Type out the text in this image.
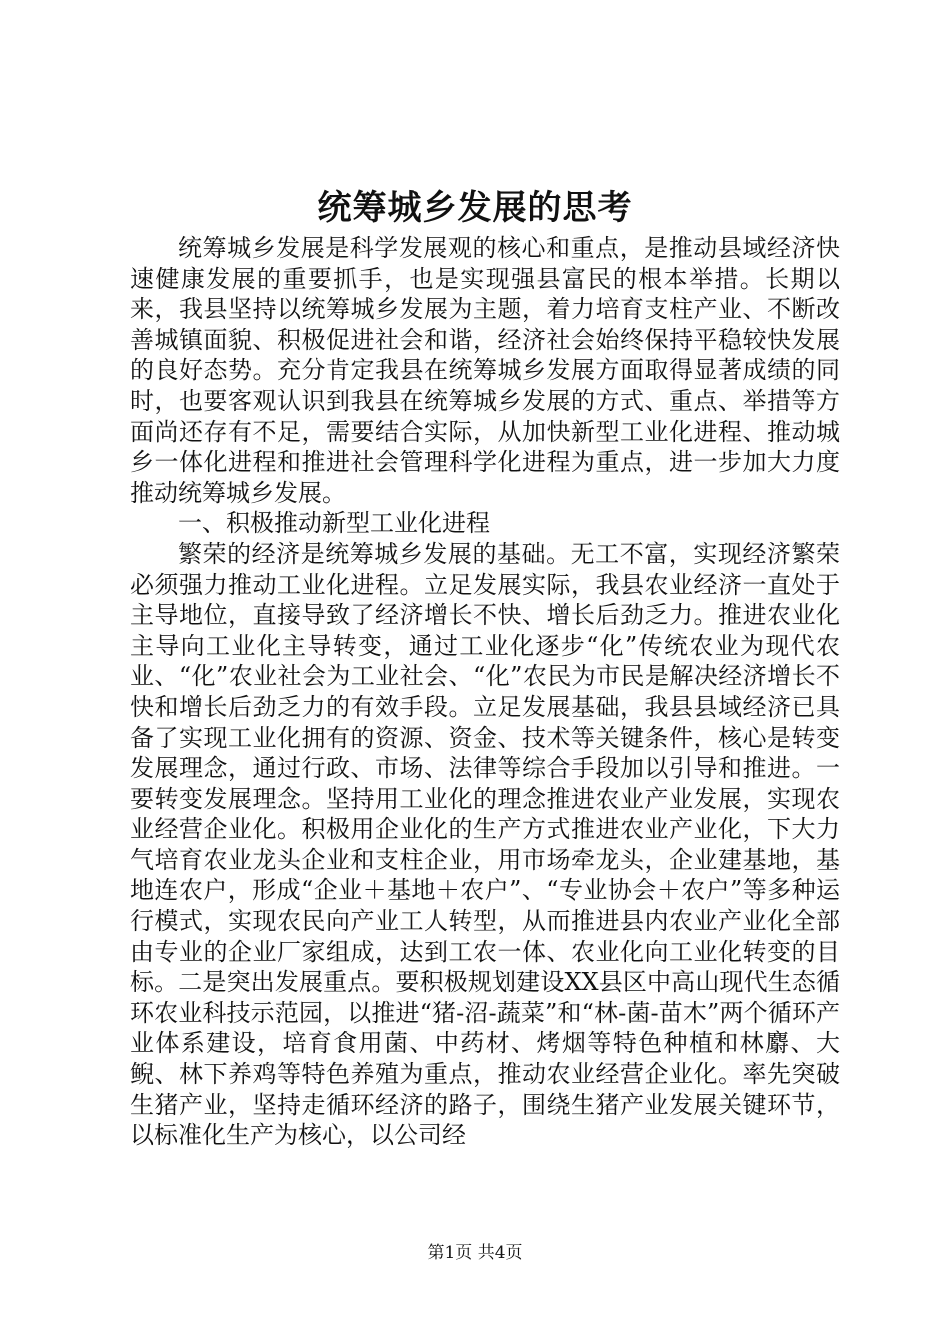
统筹城乡发展的思考

统筹城乡发展是科学发展观的核心和重点，是推动县域经济快速健康发展的重要抓手，也是实现强县富民的根本举措。长期以来，我县坚持以统筹城乡发展为主题，着力培育支柱产业、不断改善城镇面貌、积极促进社会和谐，经济社会始终保持平稳较快发展的良好态势。充分肯定我县在统筹城乡发展方面取得显著成绩的同时，也要客观认识到我县在统筹城乡发展的方式、重点、举措等方面尚还存有不足，需要结合实际，从加快新型工业化进程、推动城乡一体化进程和推进社会管理科学化进程为重点，进一步加大力度推动统筹城乡发展。

一、积极推动新型工业化进程

繁荣的经济是统筹城乡发展的基础。无工不富，实现经济繁荣必须强力推动工业化进程。立足发展实际，我县农业经济一直处于主导地位，直接导致了经济增长不快、增长后劲乏力。推进农业化主导向工业化主导转变，通过工业化逐步“化”传统农业为现代农业、“化”农业社会为工业社会、“化”农民为市民是解决经济增长不快和增长后劲乏力的有效手段。立足发展基础，我县县域经济已具备了实现工业化拥有的资源、资金、技术等关键条件，核心是转变发展理念，通过行政、市场、法律等综合手段加以引导和推进。一要转变发展理念。坚持用工业化的理念推进农业产业发展，实现农业经营企业化。积极用企业化的生产方式推进农业产业化，下大力气培育农业龙头企业和支柱企业，用市场牵龙头，企业建基地，基地连农户，形成“企业＋基地＋农户”、“专业协会＋农户”等多种运行模式，实现农民向产业工人转型，从而推进县内农业产业化全部由专业的企业厂家组成，达到工农一体、农业化向工业化转变的目标。二是突出发展重点。要积极规划建设XX县区中高山现代生态循环农业科技示范园，以推进“猪-沼-蔬菜”和“林-菌-苗木”两个循环产业体系建设，培育食用菌、中药材、烤烟等特色种植和林麝、大鲵、林下养鸡等特色养殖为重点，推动农业经营企业化。率先突破生猪产业，坚持走循环经济的路子，围绕生猪产业发展关键环节，以标准化生产为核心，以公司经

第1页 共4页
